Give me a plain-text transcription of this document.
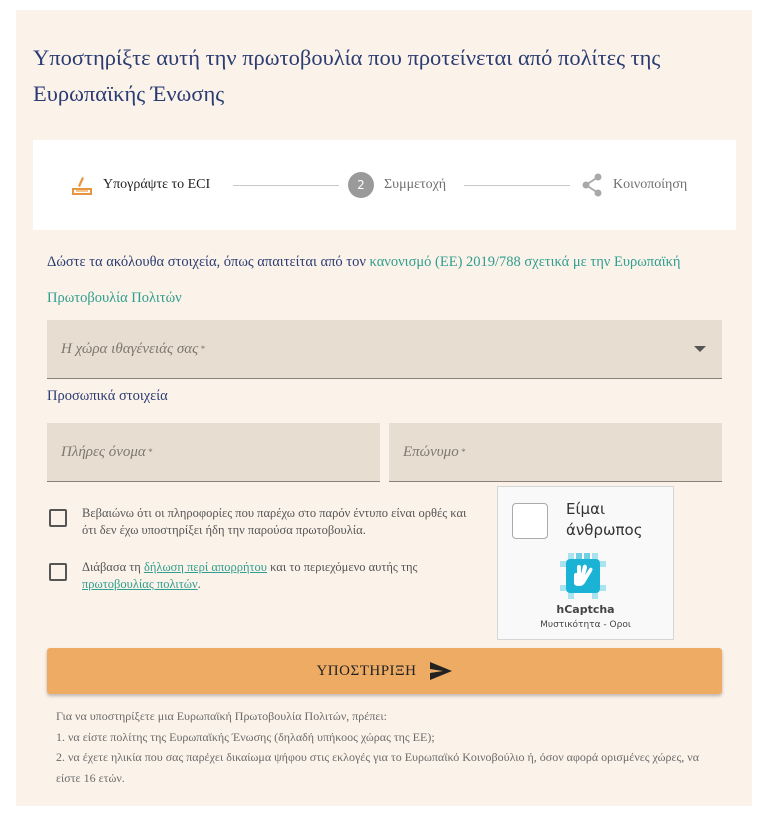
Υποστηρίξτε αυτή την πρωτοβουλία που προτείνεται από πολίτες της Ευρωπαϊκής Ένωσης
Υπογράψτε το ECI	2	Συμμετοχή	Κοινοποίηση
Δώστε τα ακόλουθα στοιχεία, όπως απαιτείται από τον κανονισμό (ΕΕ) 2019/788 σχετικά με την Ευρωπαϊκή Πρωτοβουλία Πολιτών
Η χώρα ιθαγένειάς σας *
Προσωπικά στοιχεία
Πλήρες όνομα *	Επώνυμο *
Βεβαιώνω ότι οι πληροφορίες που παρέχω στο παρόν έντυπο είναι ορθές και ότι δεν έχω υποστηρίξει ήδη την παρούσα πρωτοβουλία.
Διάβασα τη δήλωση περί απορρήτου και το περιεχόμενο αυτής της πρωτοβουλίας πολιτών.
Είμαι άνθρωπος
hCaptcha
Μυστικότητα - Οροι
ΥΠΟΣΤΗΡΙΞΗ
Για να υποστηρίξετε μια Ευρωπαϊκή Πρωτοβουλία Πολιτών, πρέπει:
1. να είστε πολίτης της Ευρωπαϊκής Ένωσης (δηλαδή υπήκοος χώρας της ΕΕ);
2. να έχετε ηλικία που σας παρέχει δικαίωμα ψήφου στις εκλογές για το Ευρωπαϊκό Κοινοβούλιο ή, όσον αφορά ορισμένες χώρες, να είστε 16 ετών.
